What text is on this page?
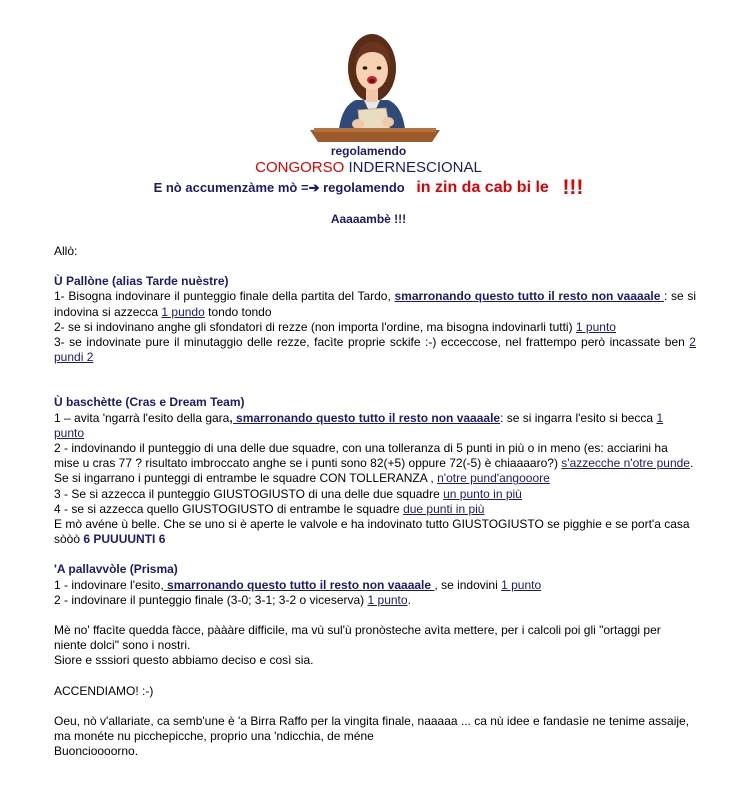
regolamendo
CONGORSO INDERNESCIONAL
E nò accumenzàme mò =➔ regolamendo in zin da cab bi le !!!
Aaaaambè !!!

Allò:

Ù Pallòne (alias Tarde nuèstre)

1- Bisogna indovinare il punteggio finale della partita del Tardo, smarronando questo tutto il resto non vaaaale : se si indovina si azzecca 1 pundo tondo tondo

2- se si indovinano anghe gli sfondatori di rezze (non importa l'ordine, ma bisogna indovinarli tutti) 1 punto

3- se indovinate pure il minutaggio delle rezze, facìte proprie sckife :-) ecceccose, nel frattempo però incassate ben 2 pundi 2

Ù baschètte (Cras e Dream Team)

1 – avita 'ngarrà l'esito della gara, smarronando questo tutto il resto non vaaaale: se si ingarra l'esito si becca 1 punto

2 - indovinando il punteggio di una delle due squadre, con una tolleranza di 5 punti in più o in meno (es: acciarini ha mise u cras 77 ? risultato imbroccato anghe se i punti sono 82(+5) oppure 72(-5) è chiaaaaro?) s'azzecche n'otre punde. Se si ingarrano i punteggi di entrambe le squadre CON TOLLERANZA , n'otre pund'angooore

3 - Se si azzecca il punteggio GIUSTOGIUSTO di una delle due squadre un punto in più

4 - se si azzecca quello GIUSTOGIUSTO di entrambe le squadre due punti in più

E mò avéne ù belle. Che se uno si è aperte le valvole e ha indovinato tutto GIUSTOGIUSTO se pigghie e se port'a casa sòòò 6 PUUUUNTI 6

'A pallavvòle (Prisma)

1 - indovinare l'esito, smarronando questo tutto il resto non vaaaale , se indovini 1 punto

2 - indovinare il punteggio finale (3-0; 3-1; 3-2 o viceserva) 1 punto.

Mè no' ffacìte quedda fàcce, pàààre difficile, ma vù sul'ù pronòsteche avìta mettere, per i calcoli poi gli "ortaggi per niente dolci" sono i nostri.

Siore e sssiori questo abbiamo deciso e così sia.

ACCENDIAMO! :-)

Oeu, nò v'allariate, ca semb'une è 'a Birra Raffo per la vingita finale, naaaaa ... ca nù idee e fandasìe ne tenime assaije, ma monéte nu picchepicche, proprio una 'ndicchia, de méne

Buoncioooorno.
